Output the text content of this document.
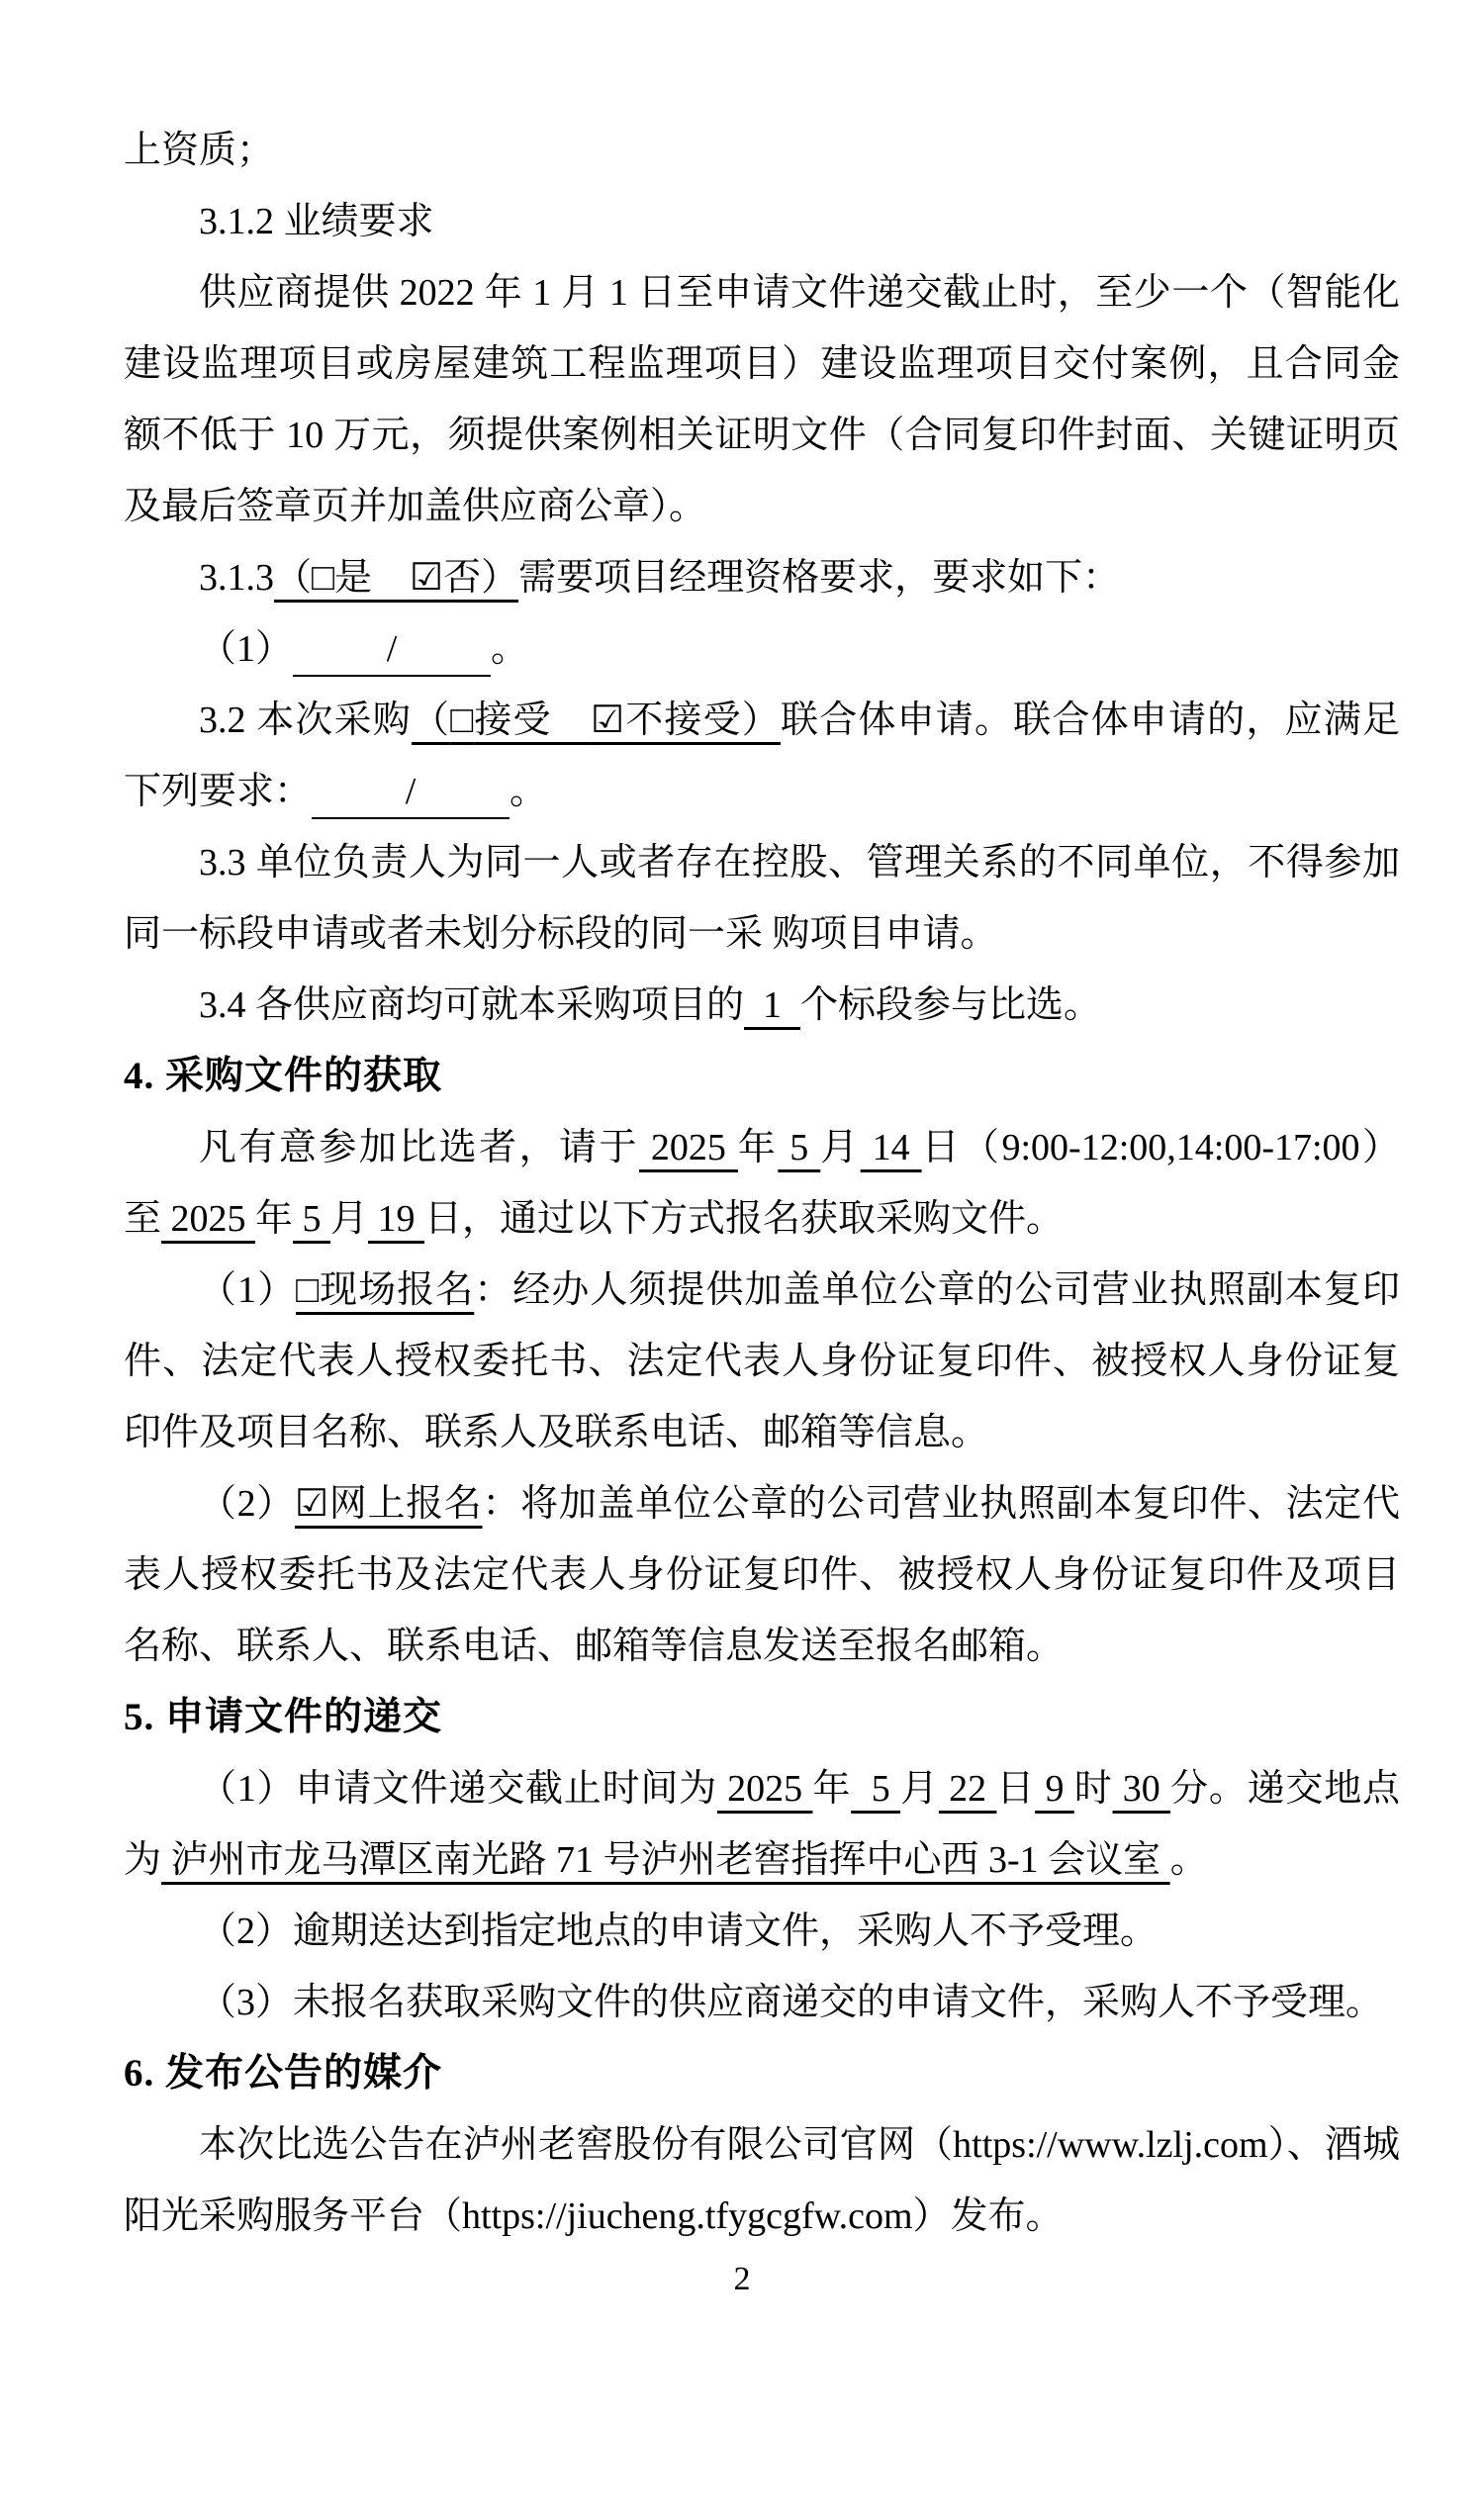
上资质；

3.1.2 业绩要求

供应商提供 2022 年 1 月 1 日至申请文件递交截止时，至少一个（智能化建设监理项目或房屋建筑工程监理项目）建设监理项目交付案例，且合同金额不低于 10 万元，须提供案例相关证明文件（合同复印件封面、关键证明页及最后签章页并加盖供应商公章）。

3.1.3（□是　☑否）需要项目经理资格要求，要求如下：

（1） / 。

3.2 本次采购（□接受　☑不接受）联合体申请。联合体申请的，应满足下列要求： / 。

3.3 单位负责人为同一人或者存在控股、管理关系的不同单位，不得参加同一标段申请或者未划分标段的同一采 购项目申请。

3.4 各供应商均可就本采购项目的  1  个标段参与比选。

4. 采购文件的获取

凡有意参加比选者，请于 2025 年 5 月 14 日（9:00-12:00,14:00-17:00）至 2025 年 5 月 19 日，通过以下方式报名获取采购文件。

（1）□现场报名：经办人须提供加盖单位公章的公司营业执照副本复印件、法定代表人授权委托书、法定代表人身份证复印件、被授权人身份证复印件及项目名称、联系人及联系电话、邮箱等信息。

（2）☑网上报名：将加盖单位公章的公司营业执照副本复印件、法定代表人授权委托书及法定代表人身份证复印件、被授权人身份证复印件及项目名称、联系人、联系电话、邮箱等信息发送至报名邮箱。

5. 申请文件的递交

（1）申请文件递交截止时间为 2025 年  5 月 22 日 9 时 30 分。递交地点为 泸州市龙马潭区南光路 71 号泸州老窖指挥中心西 3-1 会议室 。

（2）逾期送达到指定地点的申请文件，采购人不予受理。

（3）未报名获取采购文件的供应商递交的申请文件，采购人不予受理。

6. 发布公告的媒介

本次比选公告在泸州老窖股份有限公司官网（https://www.lzlj.com）、酒城阳光采购服务平台（https://jiucheng.tfygcgfw.com）发布。

2
